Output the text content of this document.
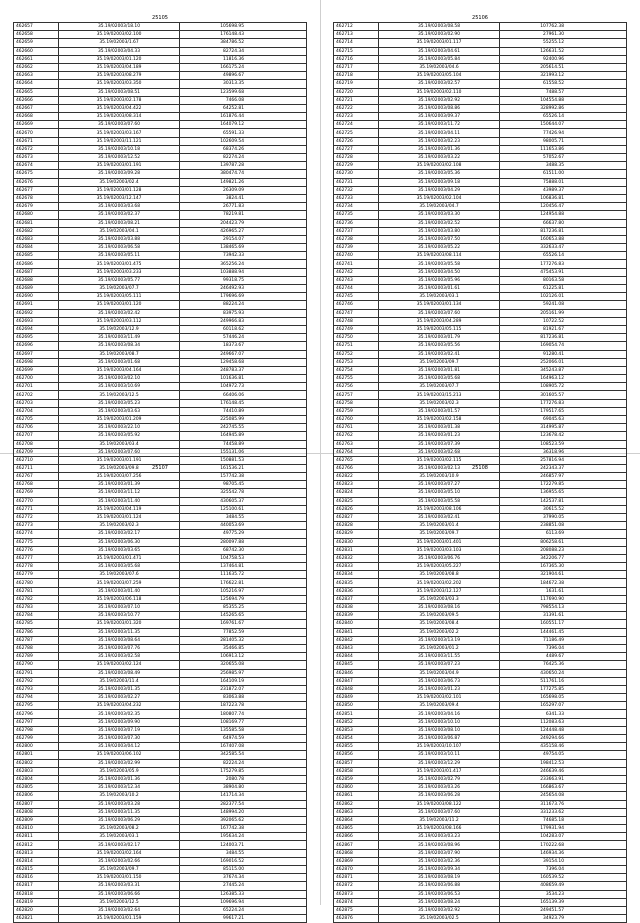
25105
462657	35.19/02003/18.10	105698.95
462658	35.19/02003/02.100	176148.43
462659	35.19/02003/1.67	384786.52
462660	35.19/02003/04.33	82724.34
462661	35.19/02003/01.120	11816.36
462662	35.19/02003/04.189	166175.24
462663	35.19/02003/08.279	49896.67
462664	35.19/02003/03.350	30313.35
462665	35.19/02003/08.51	123599.68
462666	35.19/02003/02.178	7466.08
462667	35.19/02003/04.422	64252.81
462668	35.19/02003/08.314	161876.44
462669	35.19/02003/07.60	164079.12
462670	35.19/02003/03.167	65591.33
462671	35.19/02003/11.121	102609.54
462672	35.19/02003/10.18	68374.26
462673	35.19/02003/12.52	82274.24
462674	35.19/02003/01.191	139787.28
462675	35.19/02003/09.28	380474.74
462676	35.19/02003/02.4	149821.26
462677	35.19/02003/01.128	26309.09
462678	35.19/02003/12.147	3824.41
462679	35.19/02003/03.68	26771.83
462680	35.19/02003/02.37	78219.81
462681	35.19/02003/08.21	204423.79
462682	35.19/02003/04.1	426965.27
462683	35.19/02003/03.88	29154.07
462684	35.19/02003/06.58	138465.69
462685	35.19/02003/05.11	73942.33
462686	35.19/02003/01.475	365256.24
462687	35.19/02003/03.233	103888.94
462688	35.19/02003/05.77	99318.75
462689	35.19/02003/07.7	246492.93
462690	35.19/02003/05.111	179696.69
462691	35.19/02003/01.120	88224.24
462692	35.19/02003/02.42	83975.93
462693	35.19/02003/03.112	249966.83
462694	35.19/02003/12.9	60118.62
462695	35.19/02003/11.49	57446.24
462696	35.19/02003/08.34	18373.67
462697	35.19/02003/08.7	249667.07
462698	35.19/02003/01.68	129458.68
462699	35.19/02003/04.164	248783.37
462700	35.19/02003/02.10	101636.81
462701	35.19/02003/10.69	104972.73
462702	35.19/02003/12.5	66406.06
462703	35.19/02003/05.23	176148.45
462704	35.19/02003/03.63	74410.89
462705	35.19/02003/01.209	225085.99
462706	35.19/02003/22.10	242745.55
462707	35.19/02003/05.92	164945.89
462708	35.19/02003/03.4	74458.89
462709	35.19/02003/07.60	155131.06
462710	35.19/02003/01.191	150881.53
462711	35.19/02003/09.8	161536.21
25106
462712	35.19/02003/08.58	107762.38
462713	35.19/02003/02.90	27961.30
462714	35.19/02003/01.117	55255.12
462715	35.19/02003/04.61	126631.52
462716	35.19/02003/05.84	92400.96
462717	35.19/02003/04.6	205614.51
462718	35.19/02003/05.104	321993.12
462719	35.19/02003/02.57	61558.52
462720	35.19/02003/02.110	7488.57
462721	35.19/02003/02.92	104554.88
462722	35.19/02003/08.86	328992.86
462723	35.19/02003/09.37	65526.14
462724	35.19/02003/11.72	150644.07
462725	35.19/02003/04.11	77426.94
462726	35.19/02003/02.23	98005.71
462727	35.19/02003/01.36	111653.86
462728	35.19/02003/03.22	57052.67
462729	35.19/02003/02.108	3488.35
462730	35.19/02003/05.36	61511.00
462731	35.19/02003/09.18	75888.01
462732	35.19/02003/04.29	43989.37
462733	35.19/02003/02.104	106836.81
462734	35.19/02003/04.7	120456.47
462735	35.19/02003/03.30	124954.88
462736	35.19/02003/02.52	66637.80
462737	35.19/02003/03.80	817236.81
462738	35.19/02003/07.50	160653.88
462739	35.19/02003/05.22	332633.47
462740	35.19/02003/08.114	65526.14
462741	35.19/02003/05.58	177276.83
462742	35.19/02003/04.50	475453.91
462743	35.19/02003/05.96	80163.58
462744	35.19/02003/01.61	61225.81
462745	35.19/02003/03.1	102126.01
462746	35.19/02003/01.134	59241.08
462747	35.19/02003/07.60	205161.99
462748	35.19/02003/04.289	10722.52
462749	35.19/02003/05.115	81921.67
462750	35.19/02003/01.79	817236.81
462751	35.19/02003/05.56	169054.74
462752	35.19/02003/02.41	91280.41
462753	35.19/02003/09.7	252066.01
462754	35.19/02003/01.81	345243.87
462755	35.19/02003/05.68	164963.12
462756	35.19/02003/07.7	108905.72
462757	35.19/02003/15.213	301605.57
462758	35.19/02003/02.3	177276.83
462759	35.19/02003/01.57	179517.65
462760	35.19/02003/02.158	69045.63
462761	35.19/02003/01.38	314995.87
462762	35.19/02003/01.23	123678.42
462763	35.19/02003/07.39	108523.59
462764	35.19/02003/02.68	36318.96
462765	35.19/02003/02.115	257816.94
462766	35.19/02003/02.13	242343.37
25107
462767	35.19/02003/07.256	157742.38
462768	35.19/02003/01.39	98705.45
462769	35.19/02003/11.12	325542.78
462770	35.19/02003/11.40	430605.37
462771	35.19/02003/04.119	125100.61
462772	35.19/02003/01.124	3484.55
462773	35.19/02003/02.3	440053.69
462774	35.19/02003/02.17	49775.29
462775	35.19/02003/06.30	280097.88
462776	35.19/02003/03.65	68742.30
462777	35.19/02003/01.471	104758.53
462778	35.19/02003/05.68	137464.81
462779	35.19/02003/07.6	111635.72
462780	35.19/02003/07.259	176622.81
462781	35.19/02003/01.40	105216.97
462782	35.19/02003/06.118	125694.79
462783	35.19/02003/07.10	85355.25
462784	35.19/02003/10.77	145265.65
462785	35.19/02003/01.320	169761.67
462786	35.19/02003/11.35	77852.59
462787	35.19/02003/08.64	281405.32
462788	35.19/02003/07.76	35466.85
462789	35.19/02003/02.58	106913.12
462790	35.19/02003/02.124	320655.08
462791	35.19/02003/08.49	256985.97
462792	35.19/02003/11.4	164109.19
462793	35.19/02003/01.35	231872.07
462794	35.19/02003/02.27	83063.88
462795	35.19/02003/04.232	187223.78
462796	35.19/02003/02.35	180807.74
462797	35.19/02003/09.90	108169.77
462798	35.19/02003/07.19	135585.58
462799	35.19/02003/07.30	64974.59
462800	35.19/02003/04.12	167407.08
462801	35.19/02003/06.102	342585.54
462802	35.19/02003/02.99	82224.24
462803	35.19/02003/05.9	175279.85
462804	35.19/02003/01.36	2080.78
462805	35.19/02003/12.34	38904.80
462806	35.19/02003/10.2	141714.34
462807	35.19/02003/03.28	282377.54
462808	35.19/02003/11.35	148994.20
462809	35.19/02003/06.29	392065.62
462810	35.19/02003/08.2	167742.38
462811	35.19/02003/03.1	195634.24
462812	35.19/02003/02.17	124003.71
462813	35.19/02003/02.164	3484.55
462814	35.19/02003/02.66	169016.52
462815	35.19/02003/09.7	85115.00
462816	35.19/02003/01.150	37674.34
462817	35.19/02003/03.31	27445.24
462818	35.19/02003/06.66	126385.33
462819	35.19/02003/12.5	109696.94
462820	35.19/02003/02.64	65224.24
462821	35.19/02003/01.159	99617.21
25108
462822	35.19/02003/10.9	246857.97
462823	35.19/02003/07.27	172279.85
462824	35.19/02003/05.10	136955.65
462825	35.19/02003/05.58	142537.81
462826	35.19/02003/08.106	30615.52
462827	35.19/02003/02.41	37990.05
462828	35.19/02003/01.4	238851.08
462829	35.19/02003/09.7	6113.69
462830	35.19/02003/01.401	806258.61
462831	35.19/02003/03.103	208088.23
462832	35.19/02003/06.76	342206.77
462833	35.19/02003/05.227	167365.30
462834	35.19/02003/08.8	321904.61
462835	35.19/02003/02.202	184672.38
462836	35.19/02003/12.127	1631.61
462837	35.19/02003/03.3	117690.90
462838	35.19/02003/08.16	798554.13
462839	35.19/02003/09.5	31391.61
462840	35.19/02003/08.4	160551.17
462841	35.19/02003/02.2	144461.45
462842	35.19/02003/13.19	71186.49
462843	35.19/02003/01.2	7396.04
462844	35.19/02003/11.55	4489.67
462845	35.19/02003/07.23	76425.36
462846	35.19/02003/04.9	430650.24
462847	35.19/02003/06.73	511761.16
462848	35.19/02003/01.23	177275.85
462849	35.19/02003/02.101	165698.05
462850	35.19/02003/09.4	165297.07
462851	35.19/02003/04.16	6341.33
462852	35.19/02003/10.10	112083.63
462853	35.19/02003/08.10	124448.48
462854	35.19/02003/06.87	249294.66
462855	35.19/02003/10.107	435158.46
462856	35.19/02003/10.11	49754.05
462857	35.19/02003/12.29	198412.53
462858	35.19/02003/01.417	246639.46
462859	35.19/02003/02.79	233663.91
462860	35.19/02003/03.26	166863.67
462861	35.19/02003/06.28	245654.08
462862	35.19/02003/08.122	311673.76
462863	35.19/02003/07.60	331233.62
462864	35.19/02003/11.2	74685.18
462865	35.19/02003/08.166	179931.94
462866	35.19/02003/03.23	104283.07
462867	35.19/02003/08.96	170222.68
462868	35.19/02003/07.90	146934.36
462869	35.19/02003/02.36	39154.10
462870	35.19/02003/09.34	7396.04
462871	35.19/02003/08.19	160539.52
462872	35.19/02003/06.88	408659.49
462873	35.19/02003/06.53	3534.23
462874	35.19/02003/08.24	165139.39
462875	35.19/02003/02.92	249451.57
462876	35.19/02003/02.5	34923.79
